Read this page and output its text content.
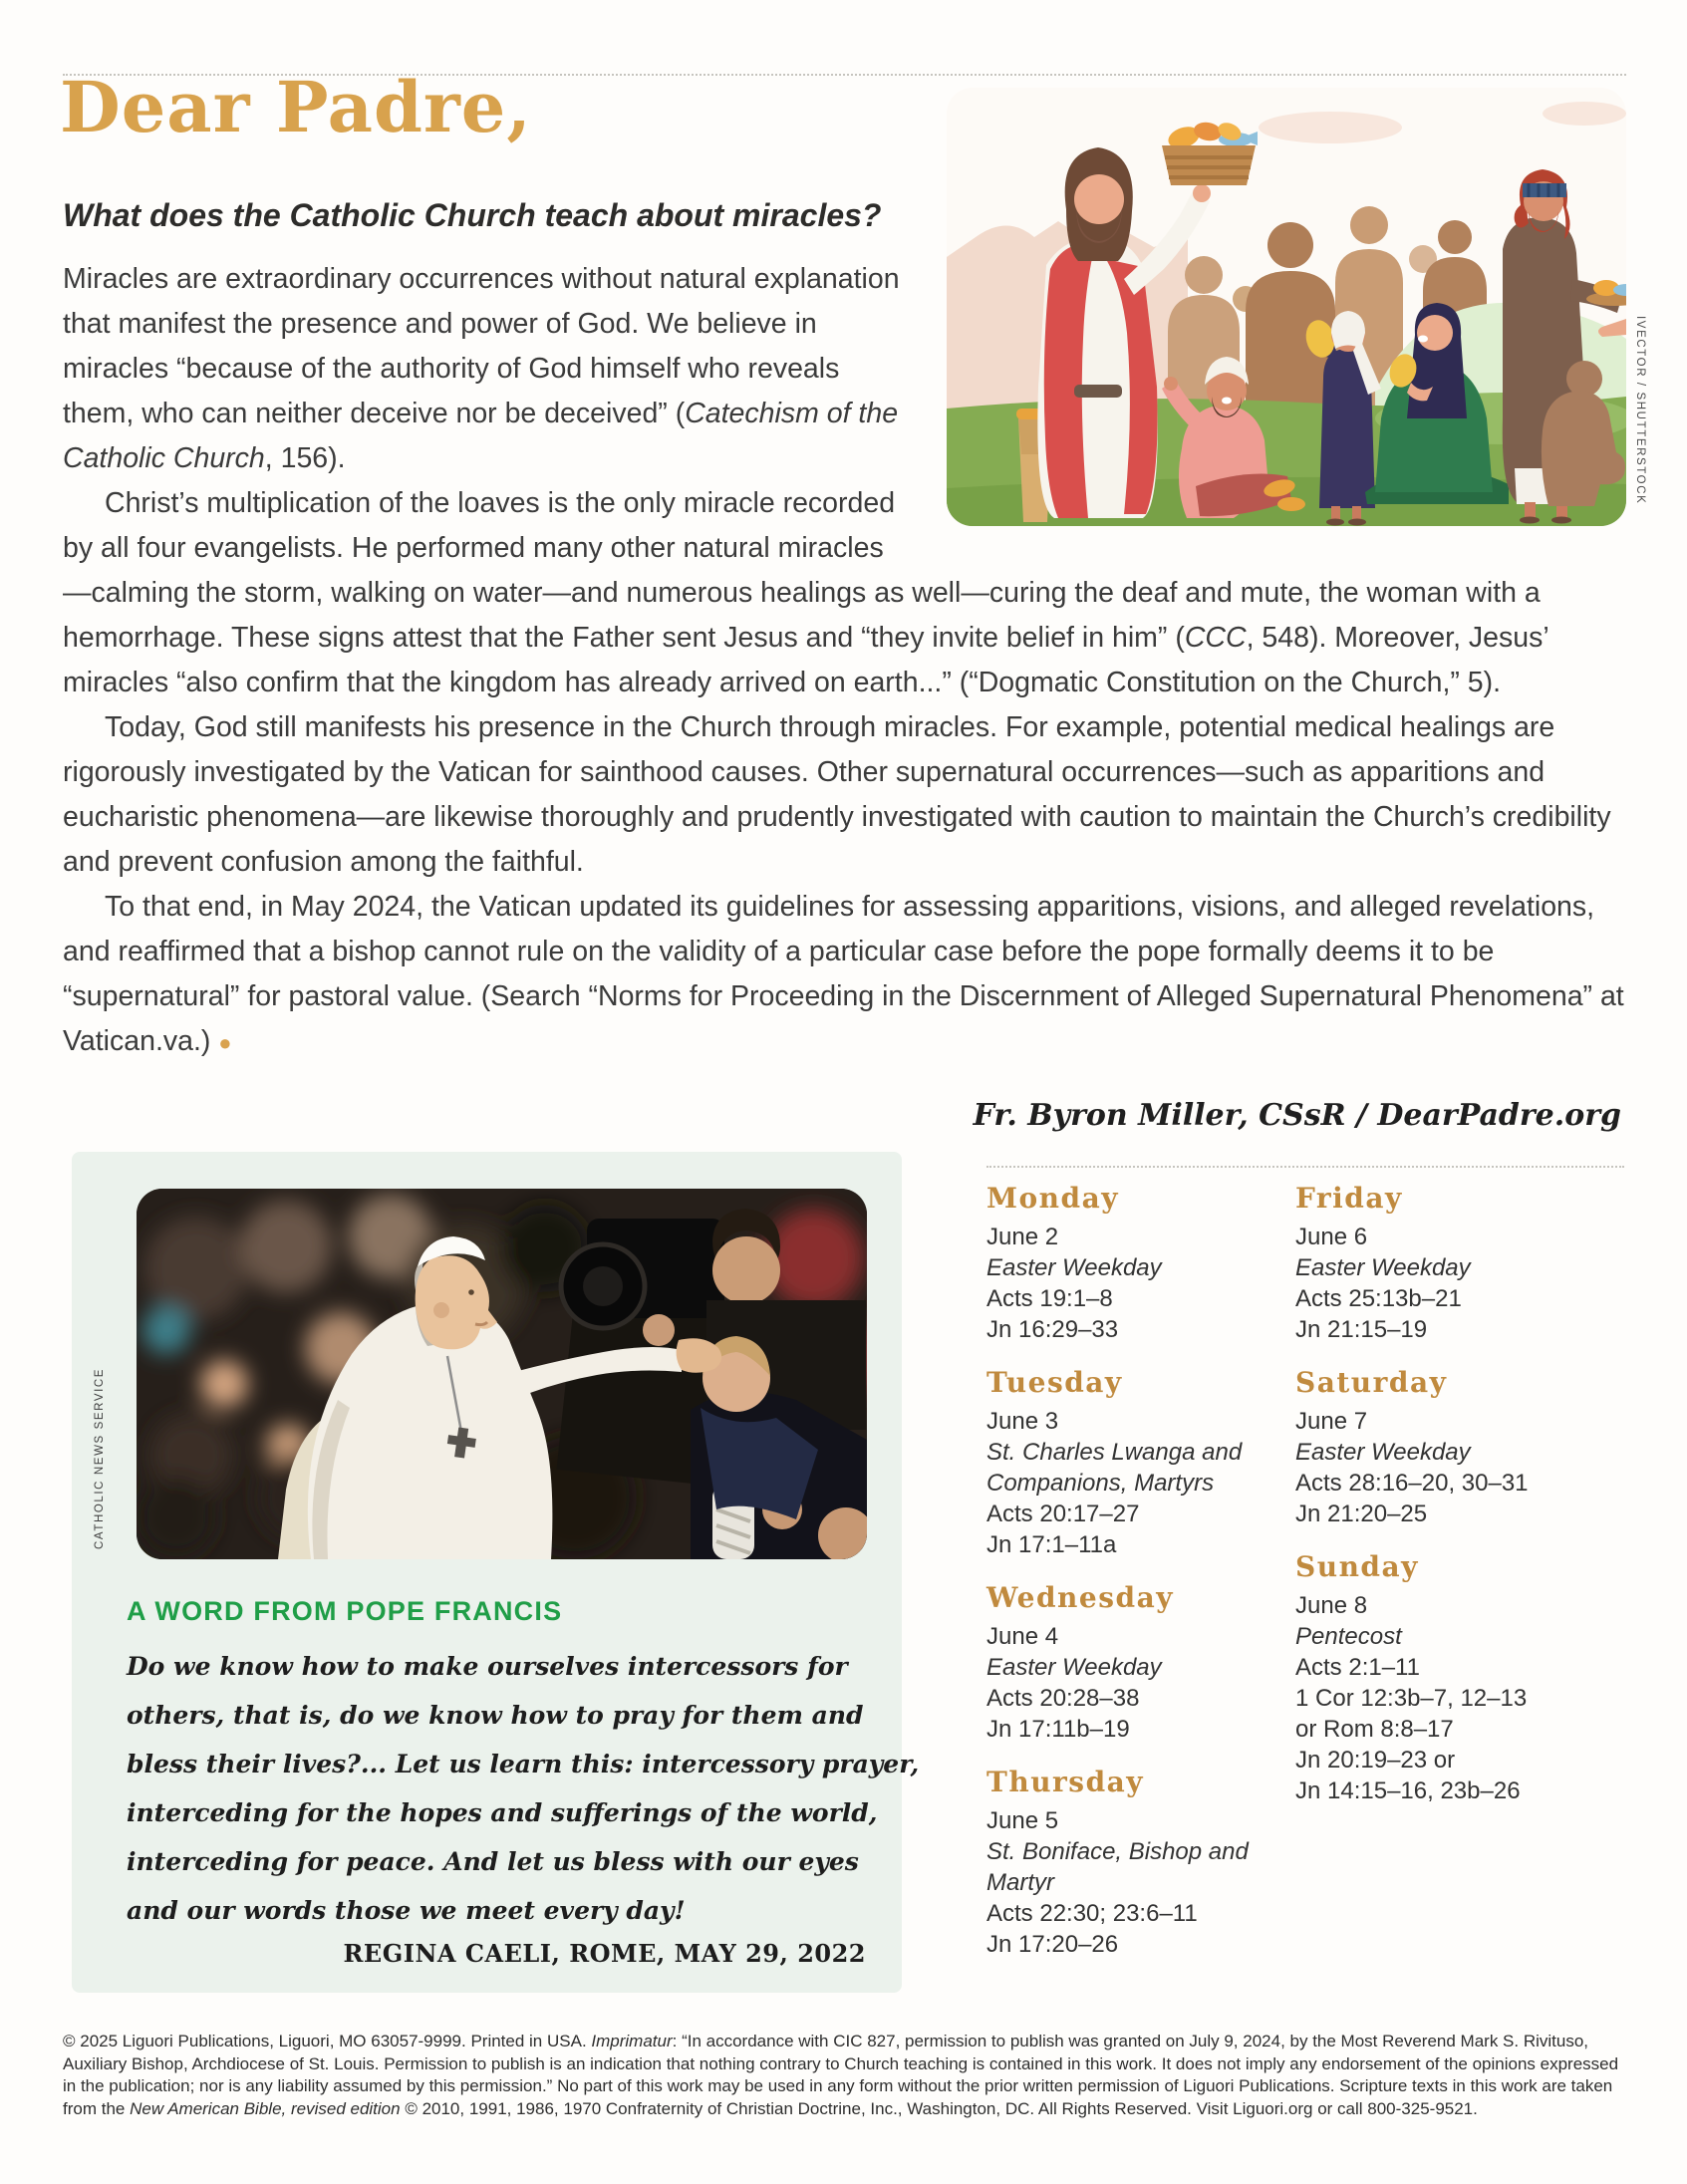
Dear Padre,
What does the Catholic Church teach about miracles?
IVECTOR / SHUTTERSTOCK

Miracles are extraordinary occurrences without natural explanation that manifest the presence and power of God. We believe in miracles “because of the authority of God himself who reveals them, who can neither deceive nor be deceived” (Catechism of the Catholic Church, 156).

Christ’s multiplication of the loaves is the only miracle recorded by all four evangelists. He performed many other natural miracles—calming the storm, walking on water—and numerous healings as well—curing the deaf and mute, the woman with a hemorrhage. These signs attest that the Father sent Jesus and “they invite belief in him” (CCC, 548). Moreover, Jesus’ miracles “also confirm that the kingdom has already arrived on earth...” (“Dogmatic Constitution on the Church,” 5).

Today, God still manifests his presence in the Church through miracles. For example, potential medical healings are rigorously investigated by the Vatican for sainthood causes. Other supernatural occurrences—such as apparitions and eucharistic phenomena—are likewise thoroughly and prudently investigated with caution to maintain the Church’s credibility and prevent confusion among the faithful.

To that end, in May 2024, the Vatican updated its guidelines for assessing apparitions, visions, and alleged revelations, and reaffirmed that a bishop cannot rule on the validity of a particular case before the pope formally deems it to be “supernatural” for pastoral value. (Search “Norms for Proceeding in the Discernment of Alleged Supernatural Phenomena” at Vatican.va.) ●

Fr. Byron Miller, CSsR / DearPadre.org
CATHOLIC NEWS SERVICE
A WORD FROM POPE FRANCIS
Do we know how to make ourselves intercessors for
others, that is, do we know how to pray for them and
bless their lives?... Let us learn this: intercessory prayer,
interceding for the hopes and sufferings of the world,
interceding for peace. And let us bless with our eyes
and our words those we meet every day!
REGINA CAELI, ROME, MAY 29, 2022
Monday
June 2
Easter Weekday
Acts 19:1–8
Jn 16:29–33
Tuesday
June 3
St. Charles Lwanga and Companions, Martyrs
Acts 20:17–27
Jn 17:1–11a
Wednesday
June 4
Easter Weekday
Acts 20:28–38
Jn 17:11b–19
Thursday
June 5
St. Boniface, Bishop and Martyr
Acts 22:30; 23:6–11
Jn 17:20–26
Friday
June 6
Easter Weekday
Acts 25:13b–21
Jn 21:15–19
Saturday
June 7
Easter Weekday
Acts 28:16–20, 30–31
Jn 21:20–25
Sunday
June 8
Pentecost
Acts 2:1–11
1 Cor 12:3b–7, 12–13
or Rom 8:8–17
Jn 20:19–23 or
Jn 14:15–16, 23b–26
© 2025 Liguori Publications, Liguori, MO 63057-9999. Printed in USA. Imprimatur: “In accordance with CIC 827, permission to publish was granted on July 9, 2024, by the Most Reverend Mark S. Rivituso, Auxiliary Bishop, Archdiocese of St. Louis. Permission to publish is an indication that nothing contrary to Church teaching is contained in this work. It does not imply any endorsement of the opinions expressed in the publication; nor is any liability assumed by this permission.” No part of this work may be used in any form without the prior written permission of Liguori Publications. Scripture texts in this work are taken from the New American Bible, revised edition © 2010, 1991, 1986, 1970 Confraternity of Christian Doctrine, Inc., Washington, DC. All Rights Reserved. Visit Liguori.org or call 800-325-9521.
